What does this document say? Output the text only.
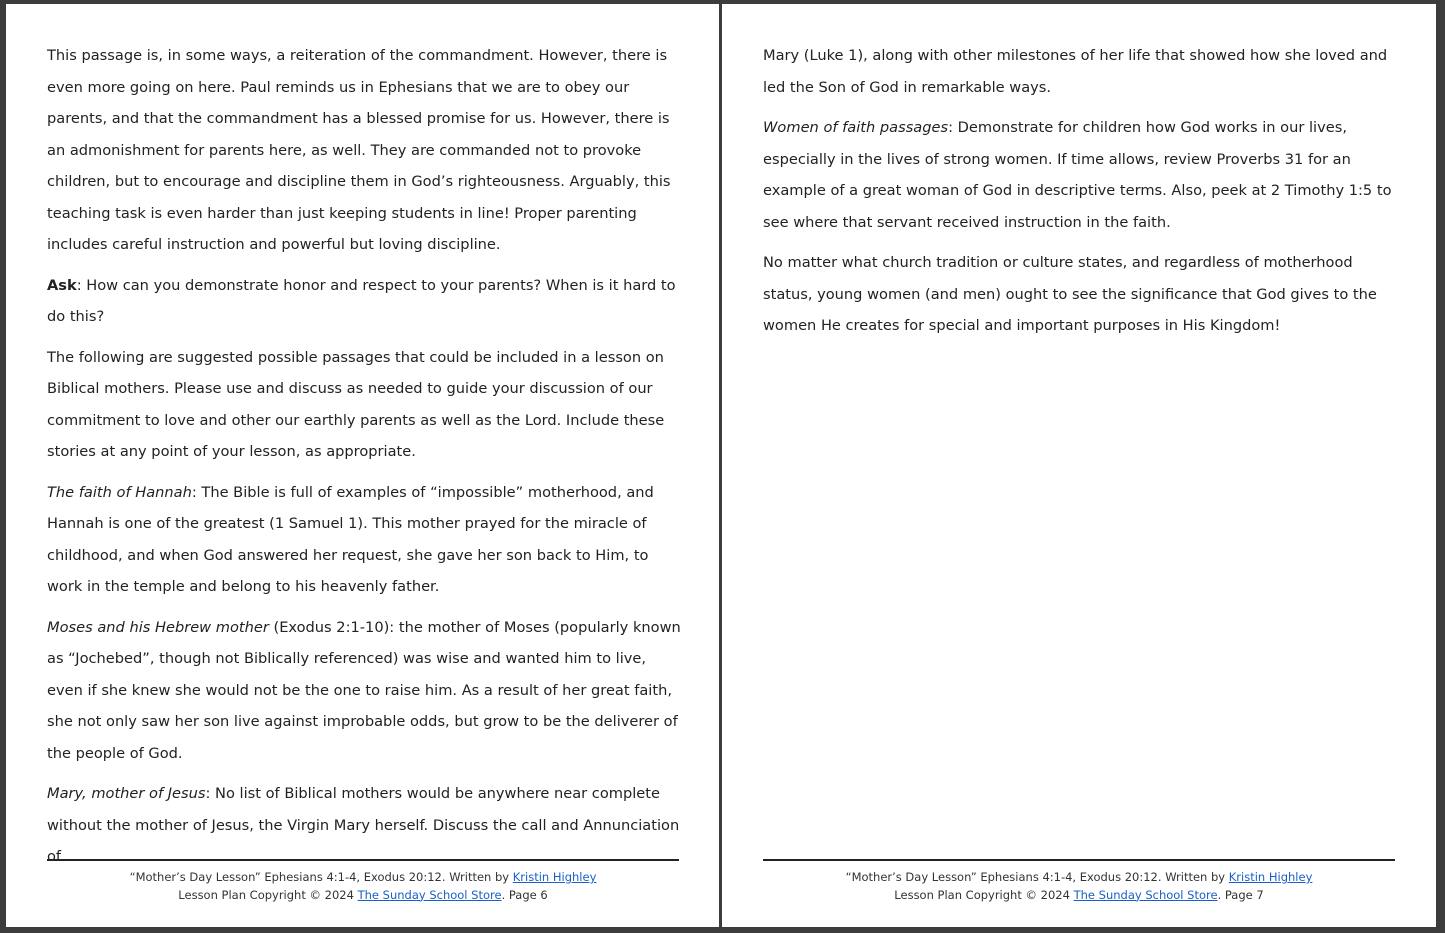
This passage is, in some ways, a reiteration of the commandment. However, there is even more going on here. Paul reminds us in Ephesians that we are to obey our parents, and that the commandment has a blessed promise for us. However, there is an admonishment for parents here, as well. They are commanded not to provoke children, but to encourage and discipline them in God’s righteousness. Arguably, this teaching task is even harder than just keeping students in line! Proper parenting includes careful instruction and powerful but loving discipline.

Ask: How can you demonstrate honor and respect to your parents? When is it hard to do this?

The following are suggested possible passages that could be included in a lesson on Biblical mothers. Please use and discuss as needed to guide your discussion of our commitment to love and other our earthly parents as well as the Lord. Include these stories at any point of your lesson, as appropriate.

The faith of Hannah: The Bible is full of examples of “impossible” motherhood, and Hannah is one of the greatest (1 Samuel 1). This mother prayed for the miracle of childhood, and when God answered her request, she gave her son back to Him, to work in the temple and belong to his heavenly father.

Moses and his Hebrew mother (Exodus 2:1-10): the mother of Moses (popularly known as “Jochebed”, though not Biblically referenced) was wise and wanted him to live, even if she knew she would not be the one to raise him. As a result of her great faith, she not only saw her son live against improbable odds, but grow to be the deliverer of the people of God.

Mary, mother of Jesus: No list of Biblical mothers would be anywhere near complete without the mother of Jesus, the Virgin Mary herself. Discuss the call and Annunciation of

“Mother’s Day Lesson” Ephesians 4:1-4, Exodus 20:12. Written by Kristin Highley
Lesson Plan Copyright © 2024 The Sunday School Store. Page 6

Mary (Luke 1), along with other milestones of her life that showed how she loved and led the Son of God in remarkable ways.

Women of faith passages: Demonstrate for children how God works in our lives, especially in the lives of strong women. If time allows, review Proverbs 31 for an example of a great woman of God in descriptive terms. Also, peek at 2 Timothy 1:5 to see where that servant received instruction in the faith.

No matter what church tradition or culture states, and regardless of motherhood status, young women (and men) ought to see the significance that God gives to the women He creates for special and important purposes in His Kingdom!

“Mother’s Day Lesson” Ephesians 4:1-4, Exodus 20:12. Written by Kristin Highley
Lesson Plan Copyright © 2024 The Sunday School Store. Page 7
